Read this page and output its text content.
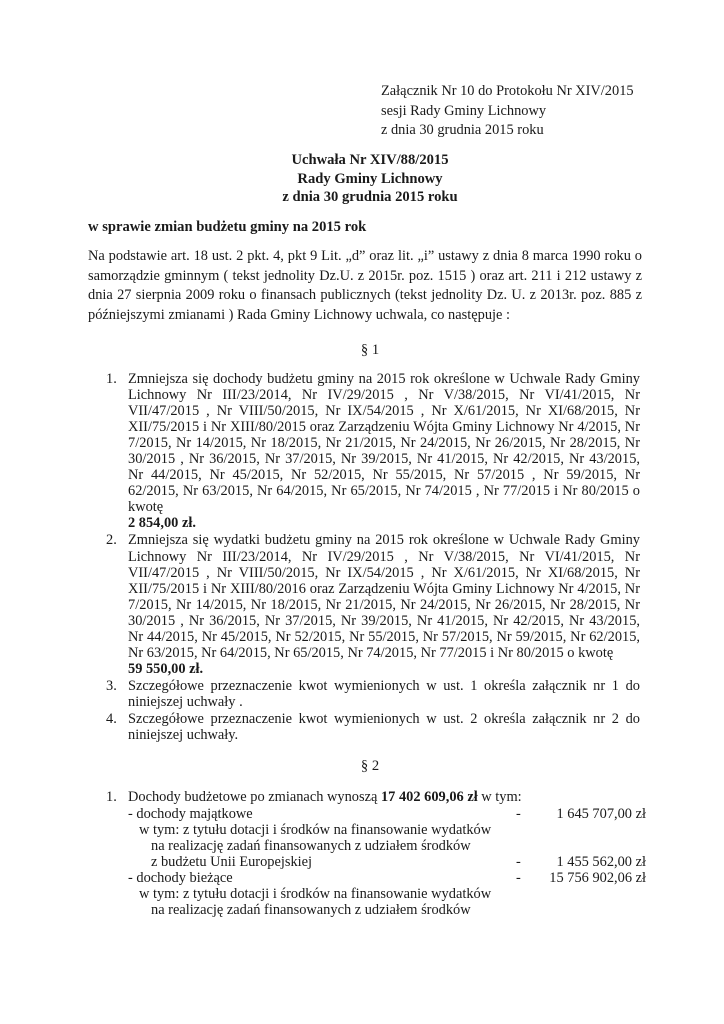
Załącznik Nr 10 do Protokołu Nr XIV/2015
sesji Rady Gminy Lichnowy
z dnia 30 grudnia 2015 roku
Uchwała Nr XIV/88/2015
Rady Gminy Lichnowy
z dnia 30 grudnia 2015 roku
w sprawie zmian budżetu gminy na 2015 rok
Na podstawie art. 18 ust. 2 pkt. 4, pkt 9 Lit. „d” oraz lit. „i” ustawy z dnia 8 marca 1990 roku o samorządzie gminnym ( tekst jednolity Dz.U. z 2015r. poz. 1515 ) oraz art. 211 i 212 ustawy z dnia 27 sierpnia 2009 roku o finansach publicznych (tekst jednolity Dz. U. z 2013r. poz. 885 z późniejszymi zmianami ) Rada Gminy Lichnowy uchwala, co następuje :
§ 1
1. Zmniejsza się dochody budżetu gminy na 2015 rok określone w Uchwale Rady Gminy Lichnowy Nr III/23/2014, Nr IV/29/2015 , Nr V/38/2015, Nr VI/41/2015, Nr VII/47/2015 , Nr VIII/50/2015, Nr IX/54/2015 , Nr X/61/2015, Nr XI/68/2015, Nr XII/75/2015 i Nr XIII/80/2015 oraz Zarządzeniu Wójta Gminy Lichnowy Nr 4/2015, Nr 7/2015, Nr 14/2015, Nr 18/2015, Nr 21/2015, Nr 24/2015, Nr 26/2015, Nr 28/2015, Nr 30/2015 , Nr 36/2015, Nr 37/2015, Nr 39/2015, Nr 41/2015, Nr 42/2015, Nr 43/2015, Nr 44/2015, Nr 45/2015, Nr 52/2015, Nr 55/2015, Nr 57/2015 , Nr 59/2015, Nr 62/2015, Nr 63/2015, Nr 64/2015, Nr 65/2015, Nr 74/2015 , Nr 77/2015 i Nr 80/2015 o kwotę
2 854,00 zł.
2. Zmniejsza się wydatki budżetu gminy na 2015 rok określone w Uchwale Rady Gminy Lichnowy Nr III/23/2014, Nr IV/29/2015 , Nr V/38/2015, Nr VI/41/2015, Nr VII/47/2015 , Nr VIII/50/2015, Nr IX/54/2015 , Nr X/61/2015, Nr XI/68/2015, Nr XII/75/2015 i Nr XIII/80/2016 oraz Zarządzeniu Wójta Gminy Lichnowy Nr 4/2015, Nr 7/2015, Nr 14/2015, Nr 18/2015, Nr 21/2015, Nr 24/2015, Nr 26/2015, Nr 28/2015, Nr 30/2015 , Nr 36/2015, Nr 37/2015, Nr 39/2015, Nr 41/2015, Nr 42/2015, Nr 43/2015, Nr 44/2015, Nr 45/2015, Nr 52/2015, Nr 55/2015, Nr 57/2015, Nr 59/2015, Nr 62/2015, Nr 63/2015, Nr 64/2015, Nr 65/2015, Nr 74/2015, Nr 77/2015 i Nr 80/2015 o kwotę
59 550,00 zł.
3. Szczegółowe przeznaczenie kwot wymienionych w ust. 1 określa załącznik nr 1 do niniejszej uchwały .
4. Szczegółowe przeznaczenie kwot wymienionych w ust. 2 określa załącznik nr 2 do niniejszej uchwały.
§ 2
1. Dochody budżetowe po zmianach wynoszą 17 402 609,06 zł w tym:
- dochody majątkowe	- 1 645 707,00 zł
w tym: z tytułu dotacji i środków na finansowanie wydatków
na realizację zadań finansowanych z udziałem środków
z budżetu Unii Europejskiej	- 1 455 562,00 zł
- dochody bieżące	- 15 756 902,06 zł
w tym: z tytułu dotacji i środków na finansowanie wydatków
na realizację zadań finansowanych z udziałem środków
